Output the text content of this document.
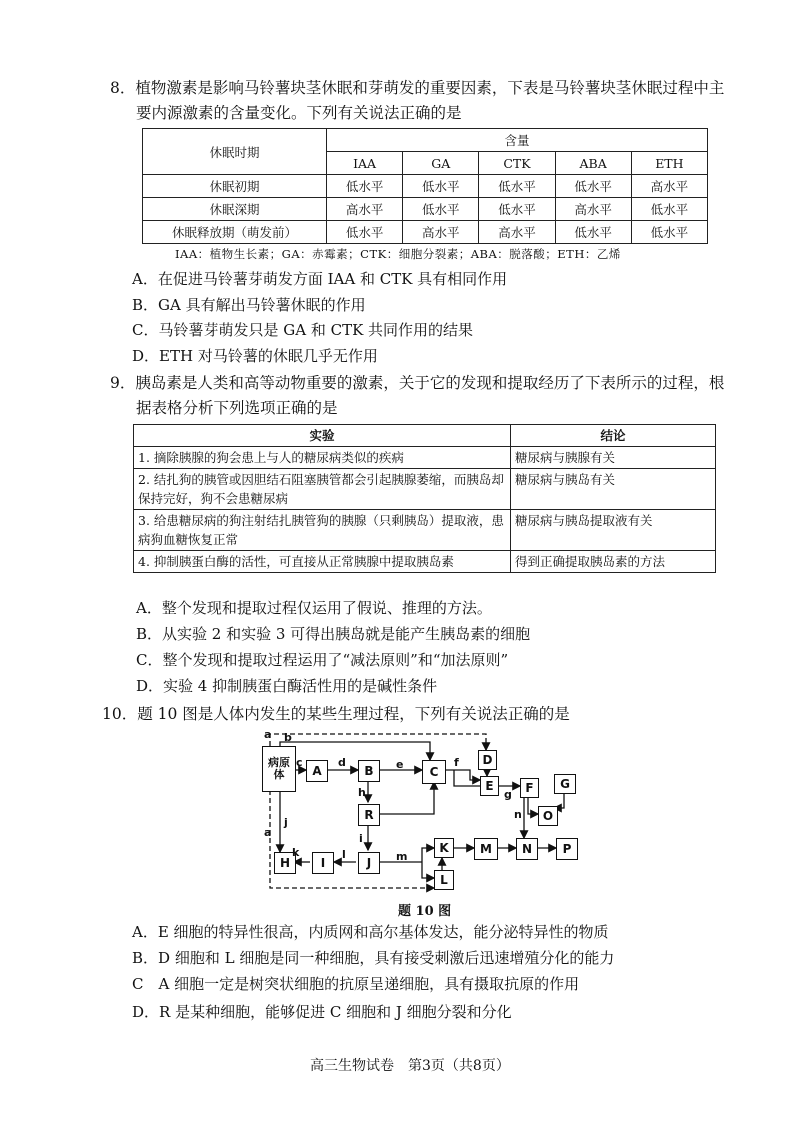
8．植物激素是影响马铃薯块茎休眠和芽萌发的重要因素，下表是马铃薯块茎休眠过程中主
要内源激素的含量变化。下列有关说法正确的是
休眠时期	含量				
	IAA	GA	CTK	ABA	ETH
休眠初期	低水平	低水平	低水平	低水平	高水平
休眠深期	高水平	低水平	低水平	高水平	低水平
休眠释放期（萌发前）	低水平	高水平	高水平	低水平	低水平
IAA：植物生长素；GA：赤霉素；CTK：细胞分裂素；ABA：脱落酸；ETH：乙烯
A．在促进马铃薯芽萌发方面 IAA 和 CTK 具有相同作用
B．GA 具有解出马铃薯休眠的作用
C．马铃薯芽萌发只是 GA 和 CTK 共同作用的结果
D．ETH 对马铃薯的休眠几乎无作用
9．胰岛素是人类和高等动物重要的激素，关于它的发现和提取经历了下表所示的过程，根
据表格分析下列选项正确的是
实验	结论
1. 摘除胰腺的狗会患上与人的糖尿病类似的疾病	糖尿病与胰腺有关
2. 结扎狗的胰管或因胆结石阻塞胰管都会引起胰腺萎缩，而胰岛却保持完好，狗不会患糖尿病	糖尿病与胰岛有关
3. 给患糖尿病的狗注射结扎胰管狗的胰腺（只剩胰岛）提取液，患病狗血糖恢复正常	糖尿病与胰岛提取液有关
4. 抑制胰蛋白酶的活性，可直接从正常胰腺中提取胰岛素	得到正确提取胰岛素的方法
A．整个发现和提取过程仅运用了假说、推理的方法。
B．从实验 2 和实验 3 可得出胰岛就是能产生胰岛素的细胞
C．整个发现和提取过程运用了“减法原则”和“加法原则”
D．实验 4 抑制胰蛋白酶活性用的是碱性条件
10．题 10 图是人体内发生的某些生理过程，下列有关说法正确的是
病原体	A	B	C
D
E	F	G
O
R
H	I	J
K
L
M	N	P
a b
c	d	e	f
g
h
i
j
k	l	m
n
a
题 10 图
A．E 细胞的特异性很高，内质网和高尔基体发达，能分泌特异性的物质
B．D 细胞和 L 细胞是同一种细胞，具有接受刺激后迅速增殖分化的能力
C　A 细胞一定是树突状细胞的抗原呈递细胞，具有摄取抗原的作用
D．R 是某种细胞，能够促进 C 细胞和 J 细胞分裂和分化
高三生物试卷　第3页（共8页）
